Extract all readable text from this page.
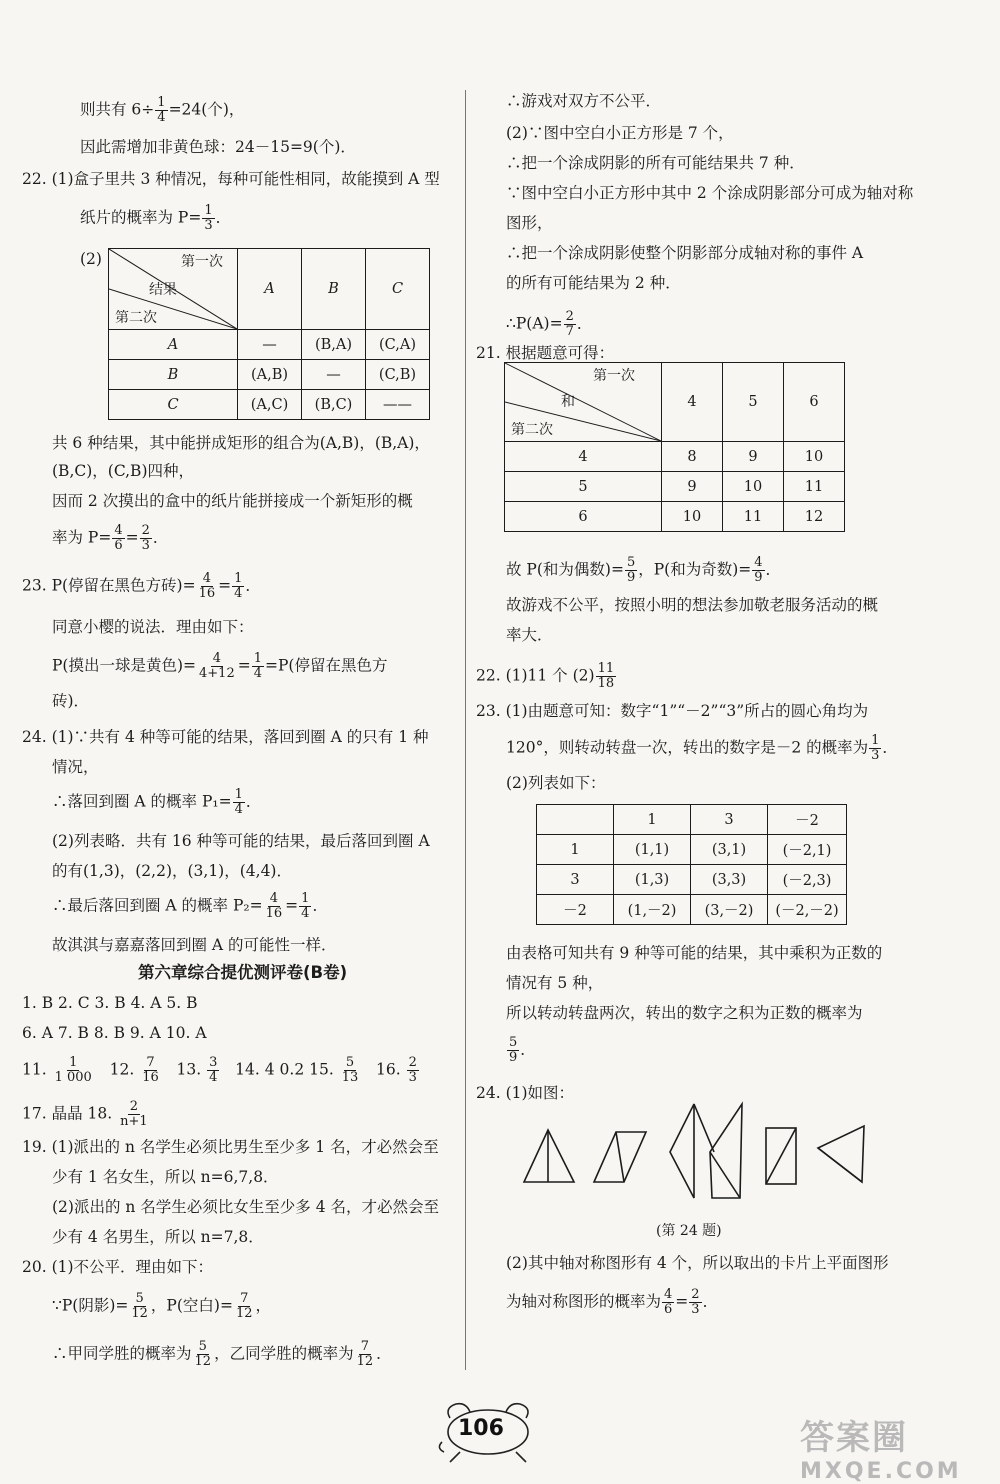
则共有 $6\div \frac{1}{4} =24$(个)，
因此需增加非黄色球：24－15=9(个)．
22. (1)盒子里共 3 种情况，每种可能性相同，故能摸到 A 型
纸片的概率为 $P= \frac{1}{3}$ ．
(2)	第一次
结果
第二次	A	B	C
A	—	(B,A)	(C,A)
B	(A,B)	—	(C,B)
C	(A,C)	(B,C)	——
共 6 种结果，其中能拼成矩形的组合为(A,B)，(B,A)，
(B,C)，(C,B)四种，
因而 2 次摸出的盒中的纸片能拼接成一个新矩形的概
率为 $P= \frac{4}{6} = \frac{2}{3}$ ．
23. P(停留在黑色方砖)= $\frac{4}{16} = \frac{1}{4}$ ．
同意小樱的说法．理由如下：
P(摸出一球是黄色)= $\frac{4}{4+12} = \frac{1}{4} =P$(停留在黑色方
砖)．
24. (1)∵共有 4 种等可能的结果，落回到圈 A 的只有 1 种
情况，
∴落回到圈 A 的概率 $P_1= \frac{1}{4}$ ．
(2)列表略．共有 16 种等可能的结果，最后落回到圈 A
的有(1,3)，(2,2)，(3,1)，(4,4)．
∴最后落回到圈 A 的概率 $P_2= \frac{4}{16} = \frac{1}{4}$ ．
故淇淇与嘉嘉落回到圈 A 的可能性一样．
第六章综合提优测评卷(B卷)
1. B 2. C 3. B 4. A 5. B
6. A 7. B 8. B 9. A 10. A
11. $\frac{1}{1 000} 12$. $\frac{7}{16} 13$. $\frac{3}{4} 14$. 4 0.2 15. $\frac{5}{13} 16$. $\frac{2}{3}$
17. 晶晶 18. $\frac{2}{n+1}$
19. (1)派出的 n 名学生必须比男生至少多 1 名，才必然会至
少有 1 名女生，所以 n=6,7,8．
(2)派出的 n 名学生必须比女生至少多 4 名，才必然会至
少有 4 名男生，所以 n=7,8．
20. (1)不公平．理由如下：
∵P(阴影)= $\frac{5}{12}$ ，P(空白)= $\frac{7}{12}$ ，
∴甲同学胜的概率为 $\frac{5}{12}$ ，乙同学胜的概率为 $\frac{7}{12}$ ．
∴游戏对双方不公平．
(2)∵图中空白小正方形是 7 个，
∴把一个涂成阴影的所有可能结果共 7 种．
∵图中空白小正方形中其中 2 个涂成阴影部分可成为轴对称
图形，
∴把一个涂成阴影使整个阴影部分成轴对称的事件 A
的所有可能结果为 2 种．
∴P(A)= $\frac{2}{7}$ ．
21. 根据题意可得：
第一次
和
第二次	4	5	6
4	8	9	10
5	9	10	11
6	10	11	12
故 P(和为偶数)= $\frac{5}{9}$ ，P(和为奇数)= $\frac{4}{9}$ ．
故游戏不公平，按照小明的想法参加敬老服务活动的概
率大．
22. (1)11 个 $(2) \frac{11}{18}$
23. (1)由题意可知：数字“1”“－2”“3”所占的圆心角均为
120°，则转动转盘一次，转出的数字是－2 的概率为 $\frac{1}{3}$ ．
(2)列表如下：
	1	3	－2
1	(1,1)	(3,1)	(－2,1)
3	(1,3)	(3,3)	(－2,3)
－2	(1,－2)	(3,－2)	(－2,－2)
由表格可知共有 9 种等可能的结果，其中乘积为正数的
情况有 5 种，
所以转动转盘两次，转出的数字之积为正数的概率为
$\frac{5}{9}$ ．
24. (1)如图：
(第 24 题)
(2)其中轴对称图形有 4 个，所以取出的卡片上平面图形
为轴对称图形的概率为 $\frac{4}{6} = \frac{2}{3}$ ．
106	答案圈
MXQE.COM
